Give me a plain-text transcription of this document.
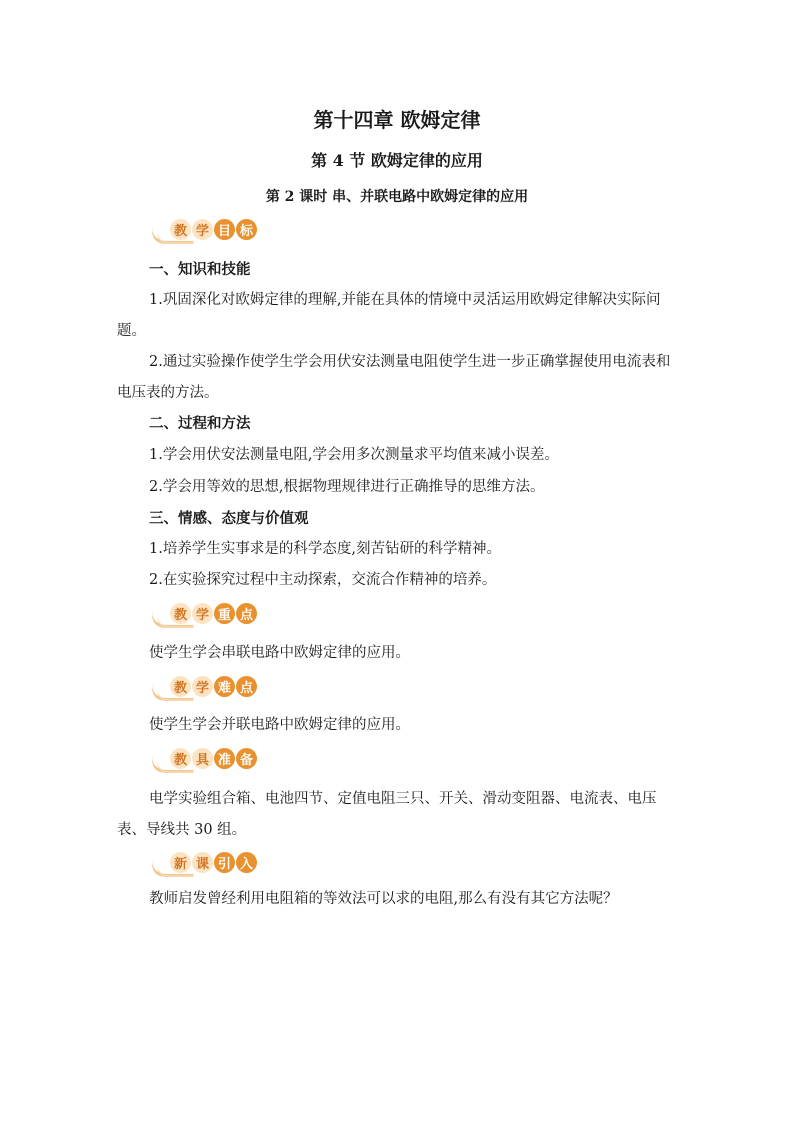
第十四章 欧姆定律
第 4 节 欧姆定律的应用
第 2 课时 串、并联电路中欧姆定律的应用
教 学 目 标
一、知识和技能
1.巩固深化对欧姆定律的理解,并能在具体的情境中灵活运用欧姆定律解决实际问题。
2.通过实验操作使学生学会用伏安法测量电阻使学生进一步正确掌握使用电流表和电压表的方法。
二、过程和方法
1.学会用伏安法测量电阻,学会用多次测量求平均值来减小误差。
2.学会用等效的思想,根据物理规律进行正确推导的思维方法。
三、情感、态度与价值观
1.培养学生实事求是的科学态度,刻苦钻研的科学精神。
2.在实验探究过程中主动探索，交流合作精神的培养。
教 学 重 点
使学生学会串联电路中欧姆定律的应用。
教 学 难 点
使学生学会并联电路中欧姆定律的应用。
教 具 准 备
电学实验组合箱、电池四节、定值电阻三只、开关、滑动变阻器、电流表、电压表、导线共 30 组。
新 课 引 入
教师启发曾经利用电阻箱的等效法可以求的电阻,那么有没有其它方法呢？
